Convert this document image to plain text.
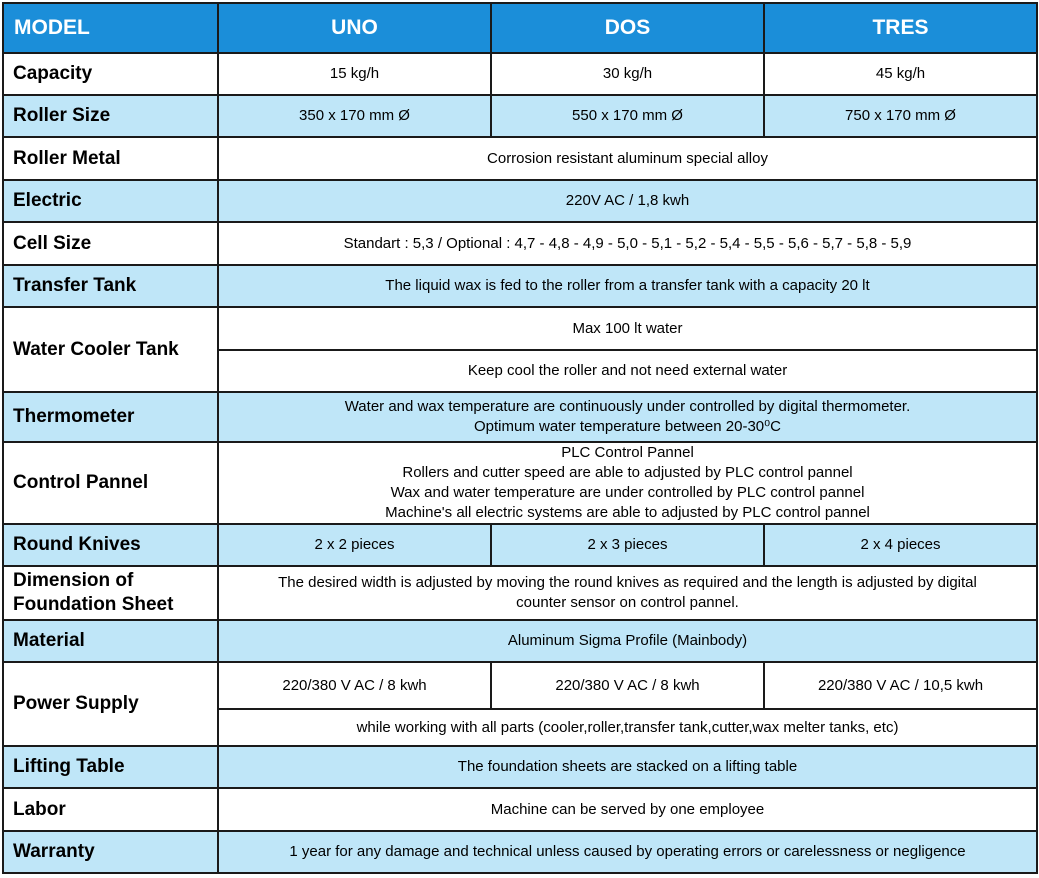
MODEL	UNO	DOS	TRES
Capacity	15 kg/h	30 kg/h	45 kg/h
Roller Size	350 x 170 mm Ø	550 x 170 mm Ø	750 x 170 mm Ø
Roller Metal	Corrosion resistant aluminum special alloy		
Electric	220V AC / 1,8 kwh		
Cell Size	Standart : 5,3 / Optional : 4,7 - 4,8 - 4,9 - 5,0 - 5,1 - 5,2 - 5,4 - 5,5 - 5,6 - 5,7 - 5,8 - 5,9		
Transfer Tank	The liquid wax is fed to the roller from a transfer tank with a capacity 20 lt		
Water Cooler Tank	Max 100 lt water		
	Keep cool the roller and not need external water		
Thermometer	Water and wax temperature are continuously under controlled by digital thermometer.
Optimum water temperature between 20-30⁰C		

Control Pannel	PLC Control Pannel
Rollers and cutter speed are able to adjusted by PLC control pannel
Wax and water temperature are under controlled by PLC control pannel
Machine's all electric systems are able to adjusted by PLC control pannel		

Round Knives	2 x 2 pieces	2 x 3 pieces	2 x 4 pieces

Dimension of
Foundation Sheet	The desired width is adjusted by moving the round knives as required and the length is adjusted by digital
counter sensor on control pannel.		

Material	Aluminum Sigma Profile (Mainbody)		
Power Supply	220/380 V AC / 8 kwh	220/380 V AC / 8 kwh	220/380 V AC / 10,5 kwh
	while working with all parts (cooler,roller,transfer tank,cutter,wax melter tanks, etc)		
Lifting Table	The foundation sheets are stacked on a lifting table		
Labor	Machine can be served by one employee		
Warranty	1 year for any damage and technical unless caused by operating errors or carelessness or negligence		
